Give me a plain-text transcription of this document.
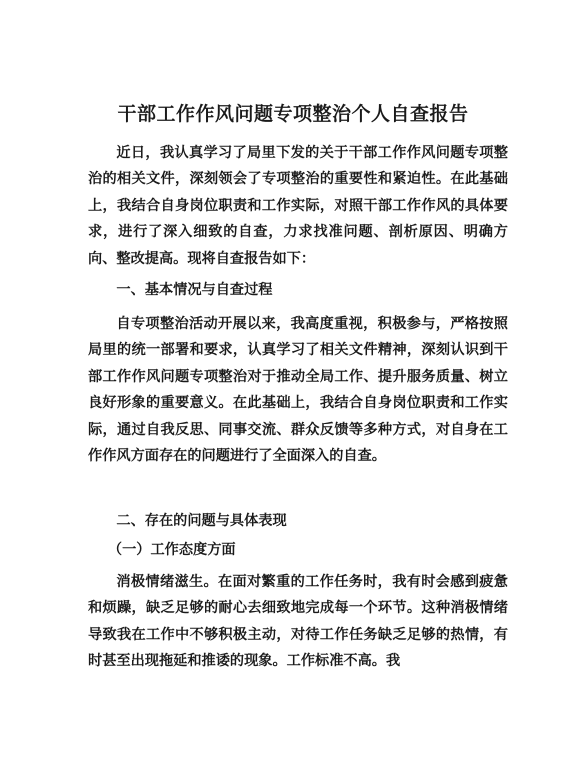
干部工作作风问题专项整治个人自查报告

近日，我认真学习了局里下发的关于干部工作作风问题专项整治的相关文件，深刻领会了专项整治的重要性和紧迫性。在此基础上，我结合自身岗位职责和工作实际，对照干部工作作风的具体要求，进行了深入细致的自查，力求找准问题、剖析原因、明确方向、整改提高。现将自查报告如下：

一、基本情况与自查过程

自专项整治活动开展以来，我高度重视，积极参与，严格按照局里的统一部署和要求，认真学习了相关文件精神，深刻认识到干部工作作风问题专项整治对于推动全局工作、提升服务质量、树立良好形象的重要意义。在此基础上，我结合自身岗位职责和工作实际，通过自我反思、同事交流、群众反馈等多种方式，对自身在工作作风方面存在的问题进行了全面深入的自查。

二、存在的问题与具体表现

（一）工作态度方面

消极情绪滋生。在面对繁重的工作任务时，我有时会感到疲惫和烦躁，缺乏足够的耐心去细致地完成每一个环节。这种消极情绪导致我在工作中不够积极主动，对待工作任务缺乏足够的热情，有时甚至出现拖延和推诿的现象。工作标准不高。我
